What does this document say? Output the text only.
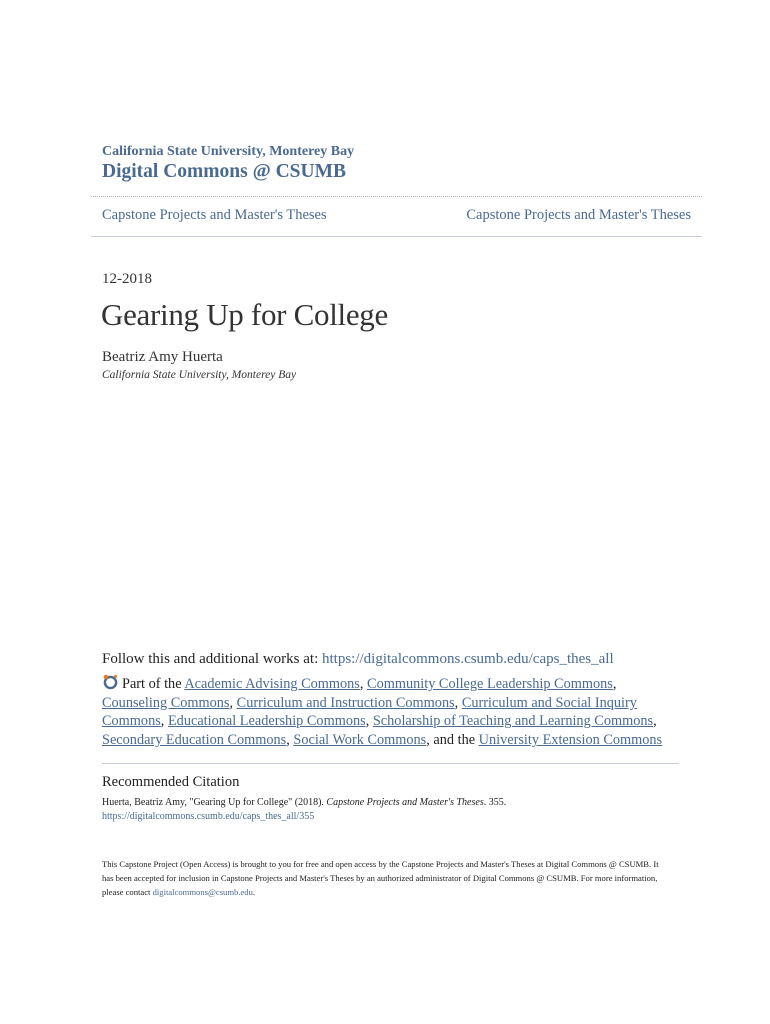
California State University, Monterey Bay
Digital Commons @ CSUMB
Capstone Projects and Master's Theses	Capstone Projects and Master's Theses
12-2018
Gearing Up for College
Beatriz Amy Huerta
California State University, Monterey Bay
Follow this and additional works at: https://digitalcommons.csumb.edu/caps_thes_all
Part of the Academic Advising Commons, Community College Leadership Commons, Counseling Commons, Curriculum and Instruction Commons, Curriculum and Social Inquiry Commons, Educational Leadership Commons, Scholarship of Teaching and Learning Commons, Secondary Education Commons, Social Work Commons, and the University Extension Commons
Recommended Citation
Huerta, Beatriz Amy, "Gearing Up for College" (2018). Capstone Projects and Master's Theses. 355.
https://digitalcommons.csumb.edu/caps_thes_all/355
This Capstone Project (Open Access) is brought to you for free and open access by the Capstone Projects and Master's Theses at Digital Commons @ CSUMB. It has been accepted for inclusion in Capstone Projects and Master's Theses by an authorized administrator of Digital Commons @ CSUMB. For more information, please contact digitalcommons@csumb.edu.
